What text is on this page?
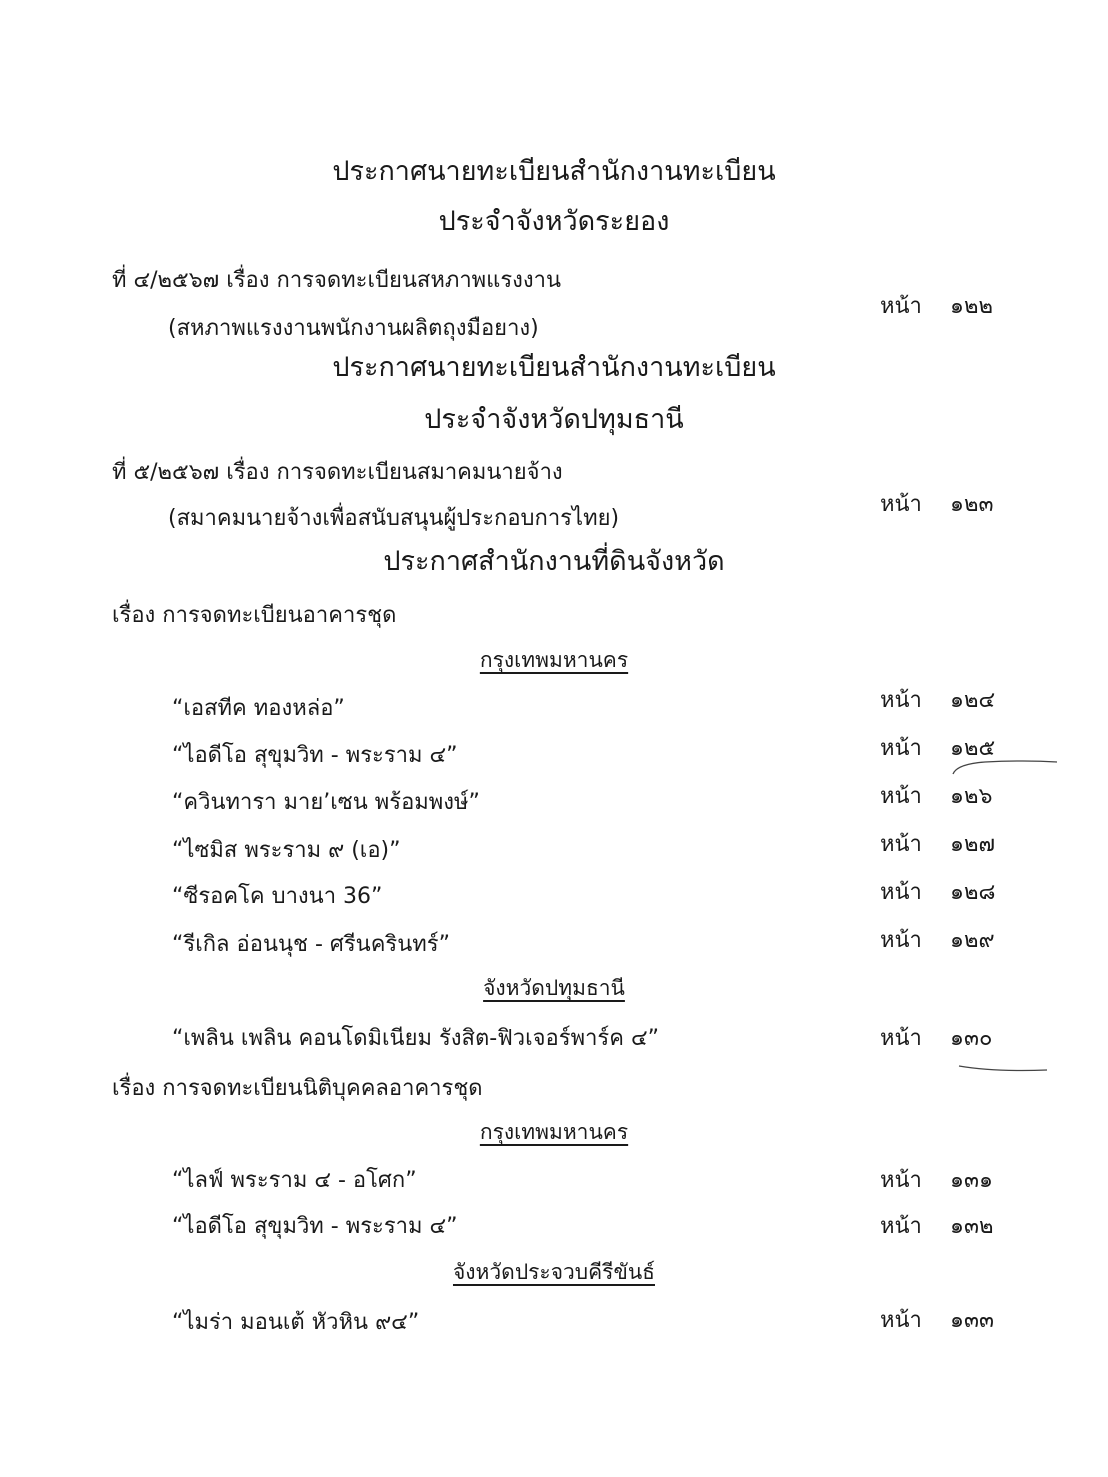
ประกาศนายทะเบียนสำนักงานทะเบียน
ประจำจังหวัดระยอง
ที่ ๔/๒๕๖๗ เรื่อง การจดทะเบียนสหภาพแรงงาน
(สหภาพแรงงานพนักงานผลิตถุงมือยาง)
หน้า ๑๒๒
ประกาศนายทะเบียนสำนักงานทะเบียน
ประจำจังหวัดปทุมธานี
ที่ ๕/๒๕๖๗ เรื่อง การจดทะเบียนสมาคมนายจ้าง
(สมาคมนายจ้างเพื่อสนับสนุนผู้ประกอบการไทย)
หน้า ๑๒๓
ประกาศสำนักงานที่ดินจังหวัด
เรื่อง การจดทะเบียนอาคารชุด
กรุงเทพมหานคร
“เอสทีค ทองหล่อ”	หน้า ๑๒๔
“ไอดีโอ สุขุมวิท - พระราม ๔”	หน้า ๑๒๕
“ควินทารา มาย’เซน พร้อมพงษ์”	หน้า ๑๒๖
“ไซมิส พระราม ๙ (เอ)”	หน้า ๑๒๗
“ซีรอคโค บางนา 36”	หน้า ๑๒๘
“รีเกิล อ่อนนุช - ศรีนครินทร์”	หน้า ๑๒๙
จังหวัดปทุมธานี
“เพลิน เพลิน คอนโดมิเนียม รังสิต-ฟิวเจอร์พาร์ค ๔”	หน้า ๑๓๐
เรื่อง การจดทะเบียนนิติบุคคลอาคารชุด
กรุงเทพมหานคร
“ไลฟ์ พระราม ๔ - อโศก”	หน้า ๑๓๑
“ไอดีโอ สุขุมวิท - พระราม ๔”	หน้า ๑๓๒
จังหวัดประจวบคีรีขันธ์
“ไมร่า มอนเต้ หัวหิน ๙๔”	หน้า ๑๓๓
